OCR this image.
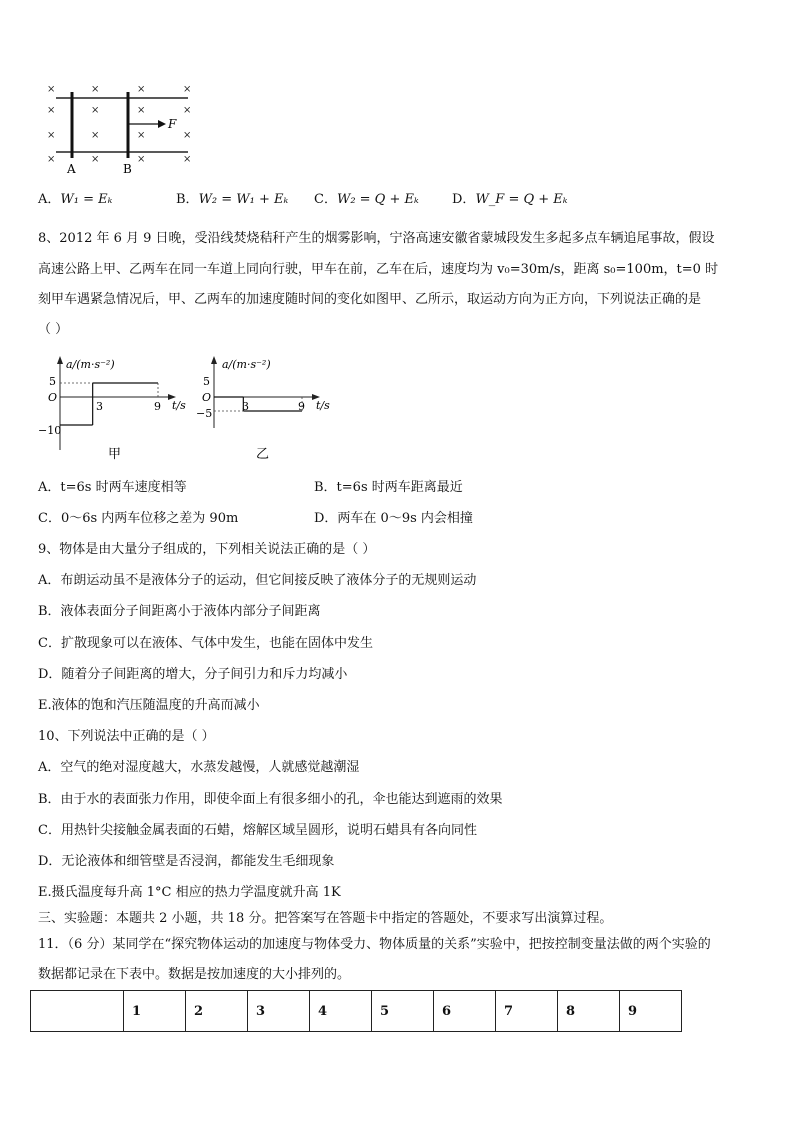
×	×	×	×
×	×	×	×
×	×	×	×
×	×	×	×
F
A	B
A．W₁ = Eₖ	B．W₂ = W₁ + Eₖ C．W₂ = Q + Eₖ	D．W_F = Q + Eₖ
8、2012 年 6 月 9 日晚，受沿线焚烧秸秆产生的烟雾影响，宁洛高速安徽省蒙城段发生多起多点车辆追尾事故，假设
高速公路上甲、乙两车在同一车道上同向行驶，甲车在前，乙车在后，速度均为 v₀=30m/s，距离 s₀=100m，t=0 时
刻甲车遇紧急情况后，甲、乙两车的加速度随时间的变化如图甲、乙所示，取运动方向为正方向，下列说法正确的是
（ ）
a/(m·s⁻²)
t/s
O
5
−10
3	9
甲
a/(m·s⁻²)
t/s
O
5
−5
3	9
乙
A．t=6s 时两车速度相等	B．t=6s 时两车距离最近
C．0～6s 内两车位移之差为 90m	D．两车在 0～9s 内会相撞
9、物体是由大量分子组成的，下列相关说法正确的是（ ）
A．布朗运动虽不是液体分子的运动，但它间接反映了液体分子的无规则运动
B．液体表面分子间距离小于液体内部分子间距离
C．扩散现象可以在液体、气体中发生，也能在固体中发生
D．随着分子间距离的增大，分子间引力和斥力均减小
E.液体的饱和汽压随温度的升高而减小
10、下列说法中正确的是（ ）
A．空气的绝对湿度越大，水蒸发越慢，人就感觉越潮湿
B．由于水的表面张力作用，即使伞面上有很多细小的孔，伞也能达到遮雨的效果
C．用热针尖接触金属表面的石蜡，熔解区域呈圆形，说明石蜡具有各向同性
D．无论液体和细管壁是否浸润，都能发生毛细现象
E.摄氏温度每升高 1°C 相应的热力学温度就升高 1K
三、实验题：本题共 2 小题，共 18 分。把答案写在答题卡中指定的答题处，不要求写出演算过程。
11．（6 分）某同学在“探究物体运动的加速度与物体受力、物体质量的关系”实验中，把按控制变量法做的两个实验的
数据都记录在下表中。数据是按加速度的大小排列的。
	1	2	3	4	5	6	7	8	9
